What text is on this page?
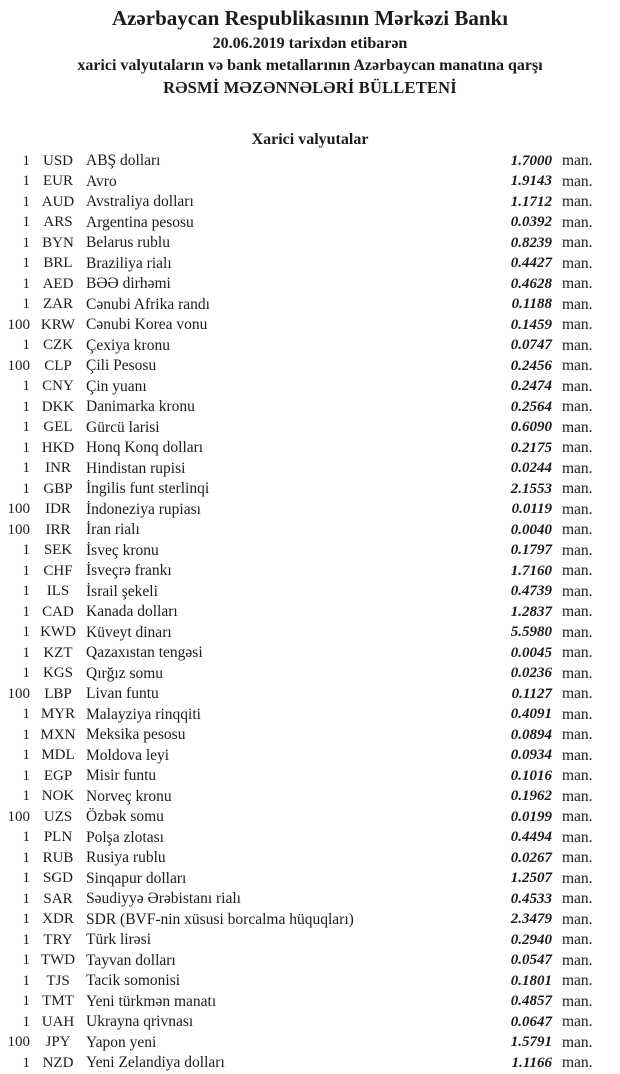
Azərbaycan Respublikasının Mərkəzi Bankı
20.06.2019 tarixdən etibarən
xarici valyutaların və bank metallarının Azərbaycan manatına qarşı
RƏSMİ MƏZƏNNƏLƏRİ BÜLLETENİ
Xarici valyutalar
1 USD ABŞ dolları	1.7000 man.
1 EUR Avro	1.9143 man.
1 AUD Avstraliya dolları	1.1712 man.
1 ARS Argentina pesosu	0.0392 man.
1 BYN Belarus rublu	0.8239 man.
1 BRL Braziliya rialı	0.4427 man.
1 AED BƏƏ dirhəmi	0.4628 man.
1 ZAR Cənubi Afrika randı	0.1188 man.
100 KRW Cənubi Korea vonu	0.1459 man.
1 CZK Çexiya kronu	0.0747 man.
100 CLP Çili Pesosu	0.2456 man.
1 CNY Çin yuanı	0.2474 man.
1 DKK Danimarka kronu	0.2564 man.
1 GEL Gürcü larisi	0.6090 man.
1 HKD Honq Konq dolları	0.2175 man.
1	INR Hindistan rupisi	0.0244 man.
1 GBP İngilis funt sterlinqi	2.1553 man.
100	IDR İndoneziya rupiası	0.0119 man.
100	IRR	İran rialı	0.0040 man.
1 SEK İsveç kronu	0.1797 man.
1 CHF İsveçrə frankı	1.7160 man.
1	ILS	İsrail şekeli	0.4739 man.
1 CAD Kanada dolları	1.2837 man.
1 KWD Küveyt dinarı	5.5980 man.
1 KZT Qazaxıstan tengəsi	0.0045 man.
1 KGS Qırğız somu	0.0236 man.
100 LBP Livan funtu	0.1127 man.
1 MYR Malayziya rinqqiti	0.4091 man.
1 MXN Meksika pesosu	0.0894 man.
1 MDL Moldova leyi	0.0934 man.
1 EGP Misir funtu	0.1016 man.
1 NOK Norveç kronu	0.1962 man.
100 UZS Özbək somu	0.0199 man.
1 PLN Polşa zlotası	0.4494 man.
1 RUB Rusiya rublu	0.0267 man.
1 SGD Sinqapur dolları	1.2507 man.
1 SAR Səudiyyə Ərəbistanı rialı	0.4533 man.
1 XDR SDR (BVF-nin xüsusi borcalma hüquqları)	2.3479 man.
1 TRY Türk lirəsi	0.2940 man.
1 TWD Tayvan dolları	0.0547 man.
1	TJS	Tacik somonisi	0.1801 man.
1 TMT Yeni türkmən manatı	0.4857 man.
1 UAH Ukrayna qrivnası	0.0647 man.
100	JPY	Yapon yeni	1.5791 man.
1 NZD Yeni Zelandiya dolları	1.1166 man.
